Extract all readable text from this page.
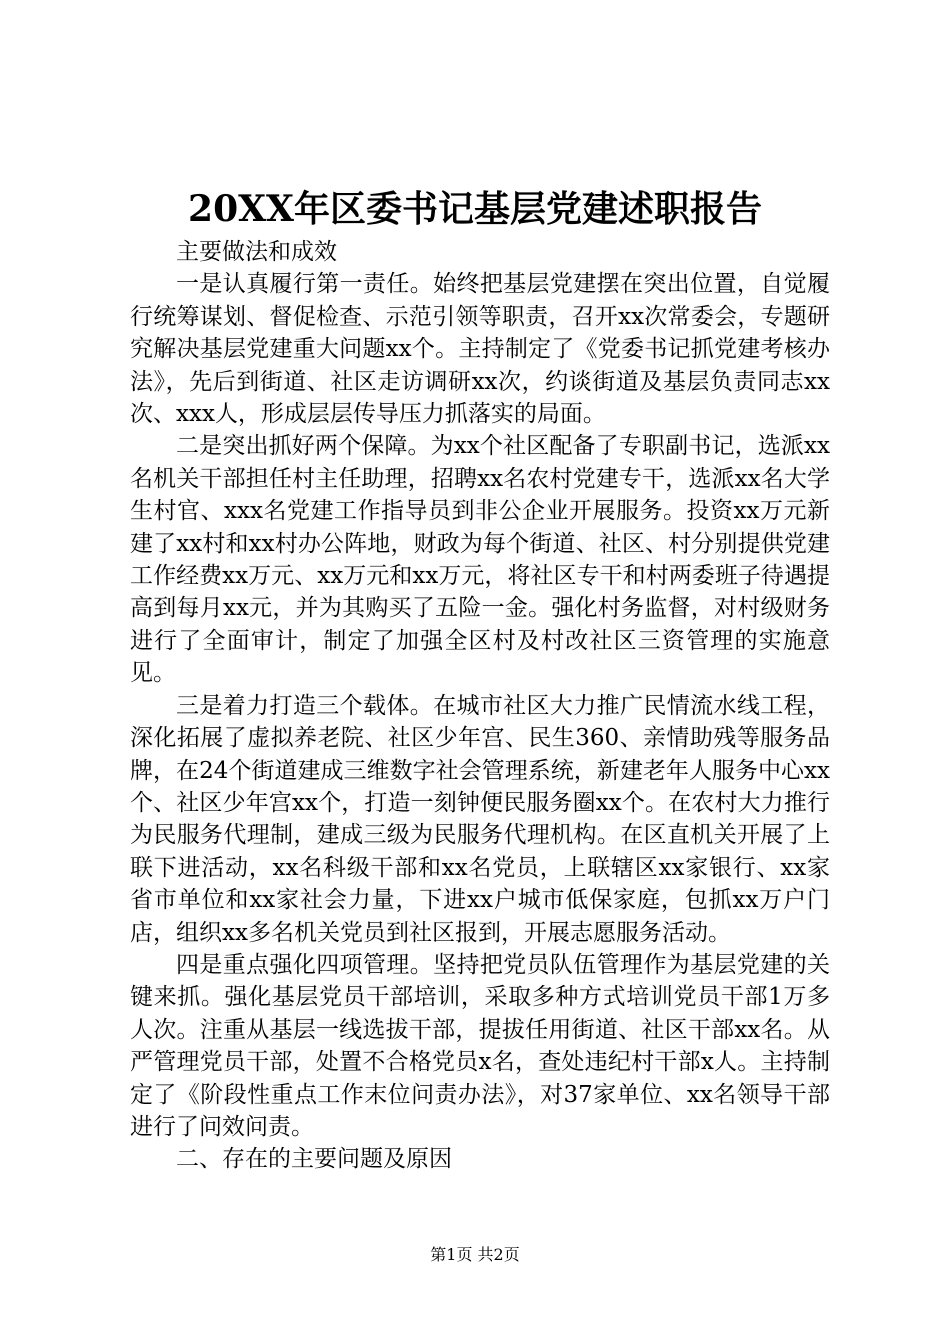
20XX年区委书记基层党建述职报告

主要做法和成效

一是认真履行第一责任。始终把基层党建摆在突出位置，自觉履行统筹谋划、督促检查、示范引领等职责，召开xx次常委会，专题研究解决基层党建重大问题xx个。主持制定了《党委书记抓党建考核办法》，先后到街道、社区走访调研xx次，约谈街道及基层负责同志xx次、xxx人，形成层层传导压力抓落实的局面。

二是突出抓好两个保障。为xx个社区配备了专职副书记，选派xx名机关干部担任村主任助理，招聘xx名农村党建专干，选派xx名大学生村官、xxx名党建工作指导员到非公企业开展服务。投资xx万元新建了xx村和xx村办公阵地，财政为每个街道、社区、村分别提供党建工作经费xx万元、xx万元和xx万元，将社区专干和村两委班子待遇提高到每月xx元，并为其购买了五险一金。强化村务监督，对村级财务进行了全面审计，制定了加强全区村及村改社区三资管理的实施意见。

三是着力打造三个载体。在城市社区大力推广民情流水线工程，深化拓展了虚拟养老院、社区少年宫、民生360、亲情助残等服务品牌，在24个街道建成三维数字社会管理系统，新建老年人服务中心xx个、社区少年宫xx个，打造一刻钟便民服务圈xx个。在农村大力推行为民服务代理制，建成三级为民服务代理机构。在区直机关开展了上联下进活动，xx名科级干部和xx名党员，上联辖区xx家银行、xx家省市单位和xx家社会力量，下进xx户城市低保家庭，包抓xx万户门店，组织xx多名机关党员到社区报到，开展志愿服务活动。

四是重点强化四项管理。坚持把党员队伍管理作为基层党建的关键来抓。强化基层党员干部培训，采取多种方式培训党员干部1万多人次。注重从基层一线选拔干部，提拔任用街道、社区干部xx名。从严管理党员干部，处置不合格党员x名，查处违纪村干部x人。主持制定了《阶段性重点工作末位问责办法》，对37家单位、xx名领导干部进行了问效问责。

二、存在的主要问题及原因

第1页 共2页
